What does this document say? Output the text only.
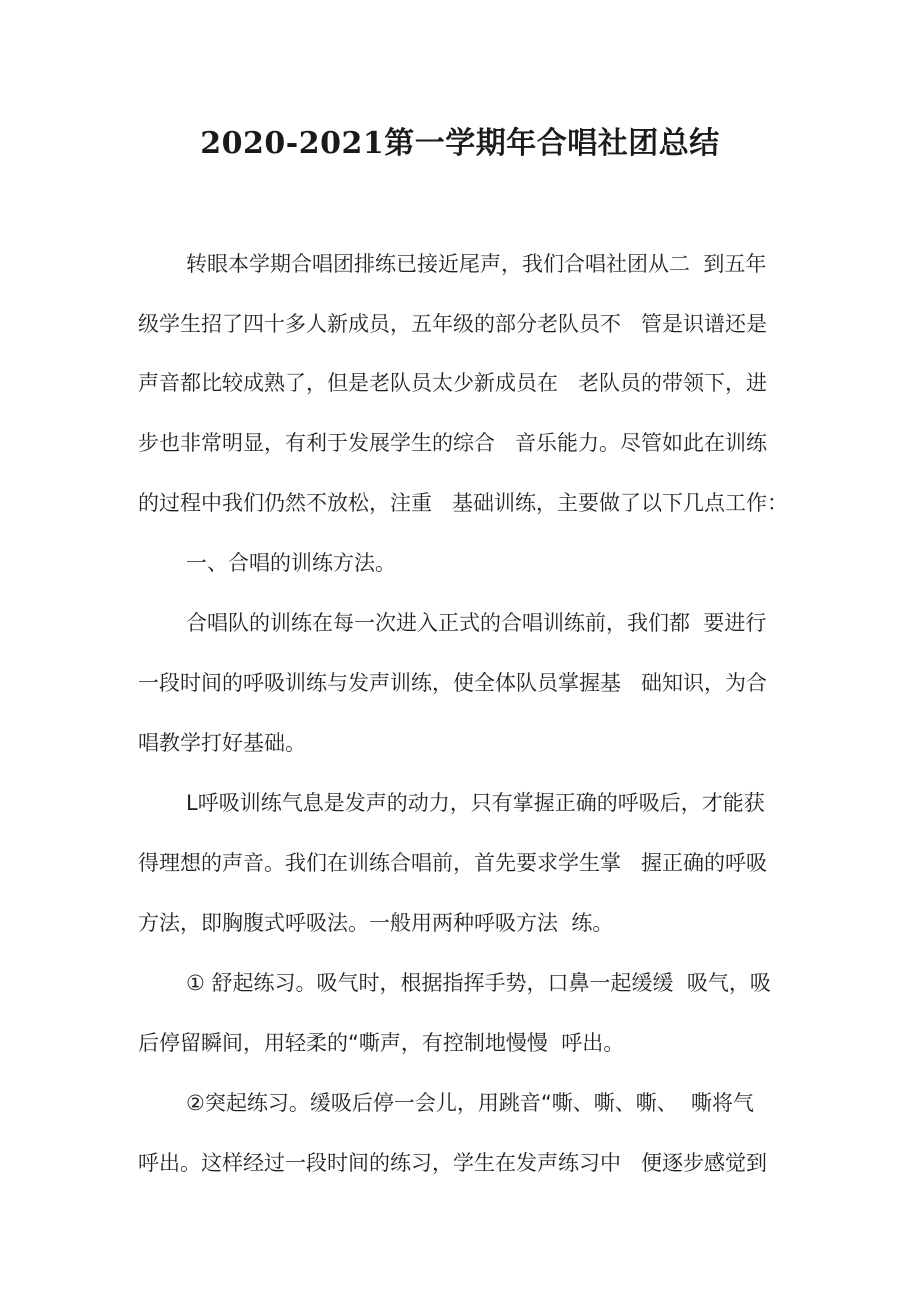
2020-2021第一学期年合唱社团总结
转眼本学期合唱团排练已接近尾声，我们合唱社团从二  到五年
级学生招了四十多人新成员，五年级的部分老队员不   管是识谱还是
声音都比较成熟了，但是老队员太少新成员在   老队员的带领下，进
步也非常明显，有利于发展学生的综合   音乐能力。尽管如此在训练
的过程中我们仍然不放松，注重   基础训练，主要做了以下几点工作：
一、合唱的训练方法。
合唱队的训练在每一次进入正式的合唱训练前，我们都  要进行
一段时间的呼吸训练与发声训练，使全体队员掌握基   础知识，为合
唱教学打好基础。
L呼吸训练气息是发声的动力，只有掌握正确的呼吸后，才能获
得理想的声音。我们在训练合唱前，首先要求学生掌   握正确的呼吸
方法，即胸腹式呼吸法。一般用两种呼吸方法  练。
① 舒起练习。吸气时，根据指挥手势，口鼻一起缓缓  吸气，吸
后停留瞬间，用轻柔的“嘶声，有控制地慢慢  呼出。
②突起练习。缓吸后停一会儿，用跳音“嘶、嘶、嘶、  嘶将气
呼出。这样经过一段时间的练习，学生在发声练习中   便逐步感觉到
